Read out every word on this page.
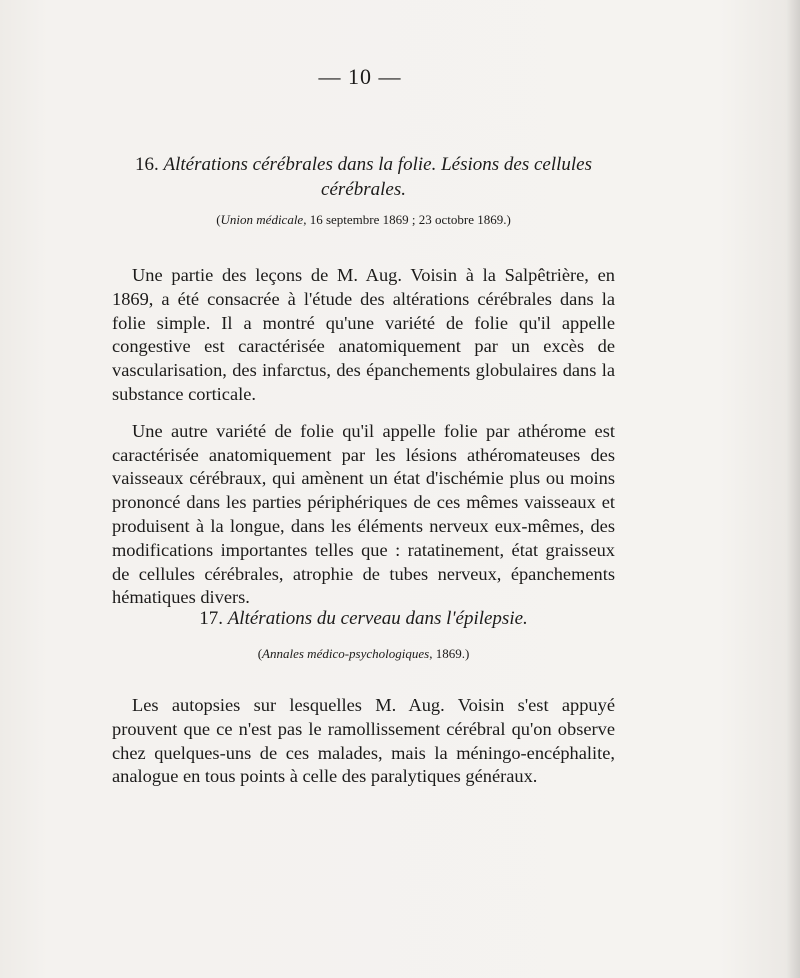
— 10 —
16. Altérations cérébrales dans la folie. Lésions des cellules cérébrales.
(Union médicale, 16 septembre 1869 ; 23 octobre 1869.)

Une partie des leçons de M. Aug. Voisin à la Salpêtrière, en 1869, a été consacrée à l'étude des altérations cérébrales dans la folie simple. Il a montré qu'une variété de folie qu'il appelle congestive est caractérisée anatomiquement par un excès de vascularisation, des infarctus, des épanchements globulaires dans la substance corticale.

Une autre variété de folie qu'il appelle folie par athérome est caractérisée anatomiquement par les lésions athéromateuses des vaisseaux cérébraux, qui amènent un état d'ischémie plus ou moins prononcé dans les parties périphériques de ces mêmes vaisseaux et produisent à la longue, dans les éléments nerveux eux-mêmes, des modifications importantes telles que : ratatinement, état graisseux de cellules cérébrales, atrophie de tubes nerveux, épanchements hématiques divers.

17. Altérations du cerveau dans l'épilepsie.
(Annales médico-psychologiques, 1869.)

Les autopsies sur lesquelles M. Aug. Voisin s'est appuyé prouvent que ce n'est pas le ramollissement cérébral qu'on observe chez quelques-uns de ces malades, mais la méningo-encéphalite, analogue en tous points à celle des paralytiques généraux.
